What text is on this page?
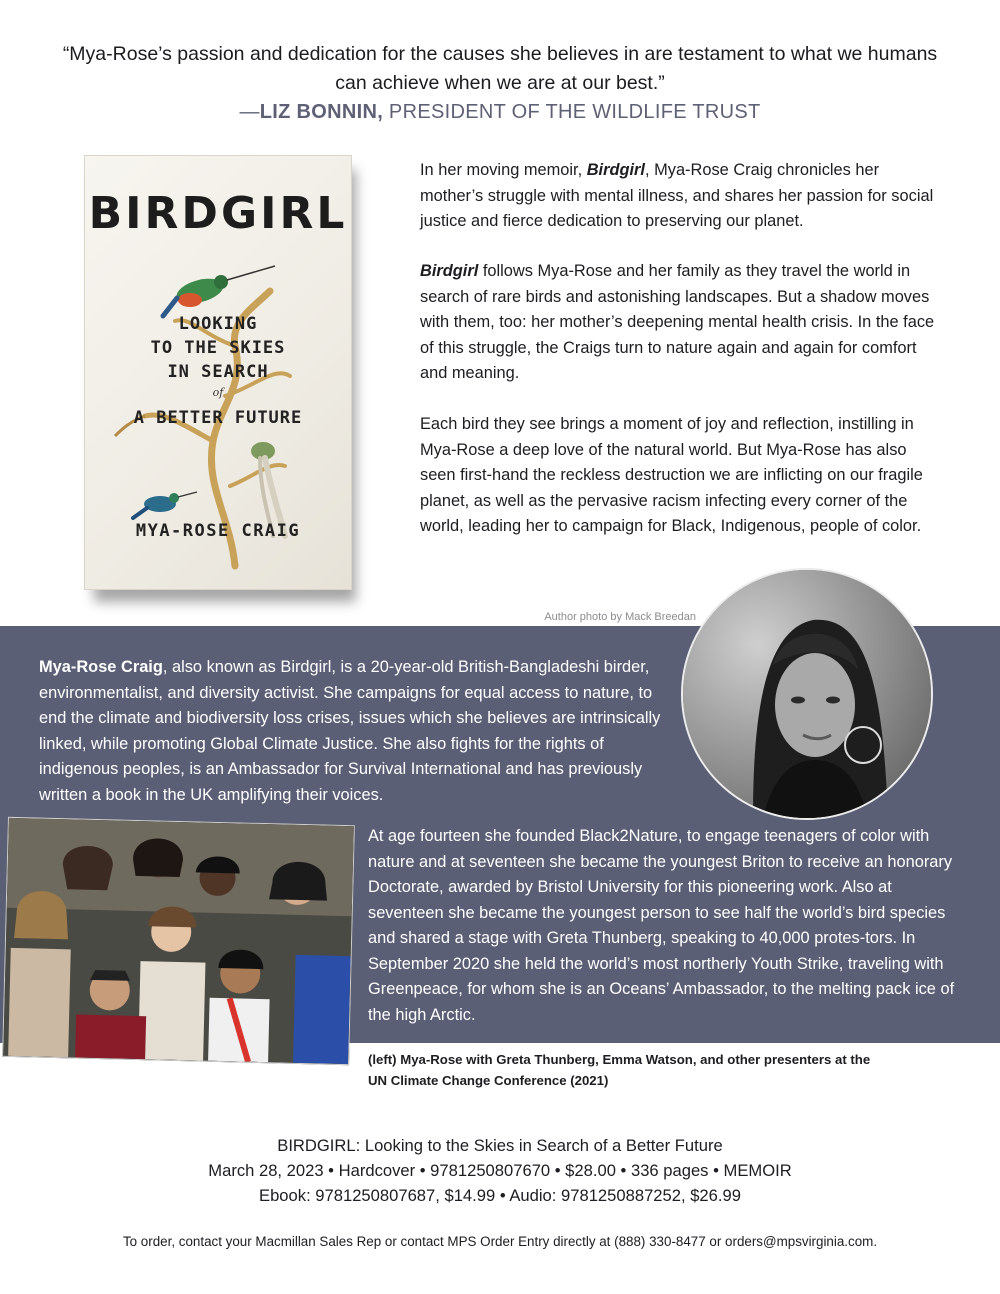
“Mya-Rose’s passion and dedication for the causes she believes in are testament to what we humans can achieve when we are at our best.”
—LIZ BONNIN, PRESIDENT OF THE WILDLIFE TRUST
BIRDGIRL
LOOKING
TO THE SKIES
IN SEARCH
of
A BETTER FUTURE
MYA-ROSE CRAIG
In her moving memoir, Birdgirl, Mya-Rose Craig chronicles her mother’s struggle with mental illness, and shares her passion for social justice and fierce dedication to preserving our planet.
Birdgirl follows Mya-Rose and her family as they travel the world in search of rare birds and astonishing landscapes. But a shadow moves with them, too: her mother’s deepening mental health crisis. In the face of this struggle, the Craigs turn to nature again and again for comfort and meaning.
Each bird they see brings a moment of joy and reflection, instilling in Mya-Rose a deep love of the natural world. But Mya-Rose has also seen first-hand the reckless destruction we are inflicting on our fragile planet, as well as the pervasive racism infecting every corner of the world, leading her to campaign for Black, Indigenous, people of color.
Author photo by Mack Breedan
Mya-Rose Craig, also known as Birdgirl, is a 20-year-old British-Bangladeshi birder, environmentalist, and diversity activist. She campaigns for equal access to nature, to end the climate and biodiversity loss crises, issues which she believes are intrinsically linked, while promoting Global Climate Justice. She also fights for the rights of indigenous peoples, is an Ambassador for Survival International and has previously written a book in the UK amplifying their voices.
At age fourteen she founded Black2Nature, to engage teenagers of color with nature and at seventeen she became the youngest Briton to receive an honorary Doctorate, awarded by Bristol University for this pioneering work. Also at seventeen she became the youngest person to see half the world’s bird species and shared a stage with Greta Thunberg, speaking to 40,000 protes-tors. In September 2020 she held the world’s most northerly Youth Strike, traveling with Greenpeace, for whom she is an Oceans’ Ambassador, to the melting pack ice of the high Arctic.
(left) Mya-Rose with Greta Thunberg, Emma Watson, and other presenters at the UN Climate Change Conference (2021)
BIRDGIRL: Looking to the Skies in Search of a Better Future
March 28, 2023 • Hardcover • 9781250807670 • $28.00 • 336 pages • MEMOIR
Ebook: 9781250807687, $14.99 • Audio: 9781250887252, $26.99
To order, contact your Macmillan Sales Rep or contact MPS Order Entry directly at (888) 330-8477 or orders@mpsvirginia.com.
